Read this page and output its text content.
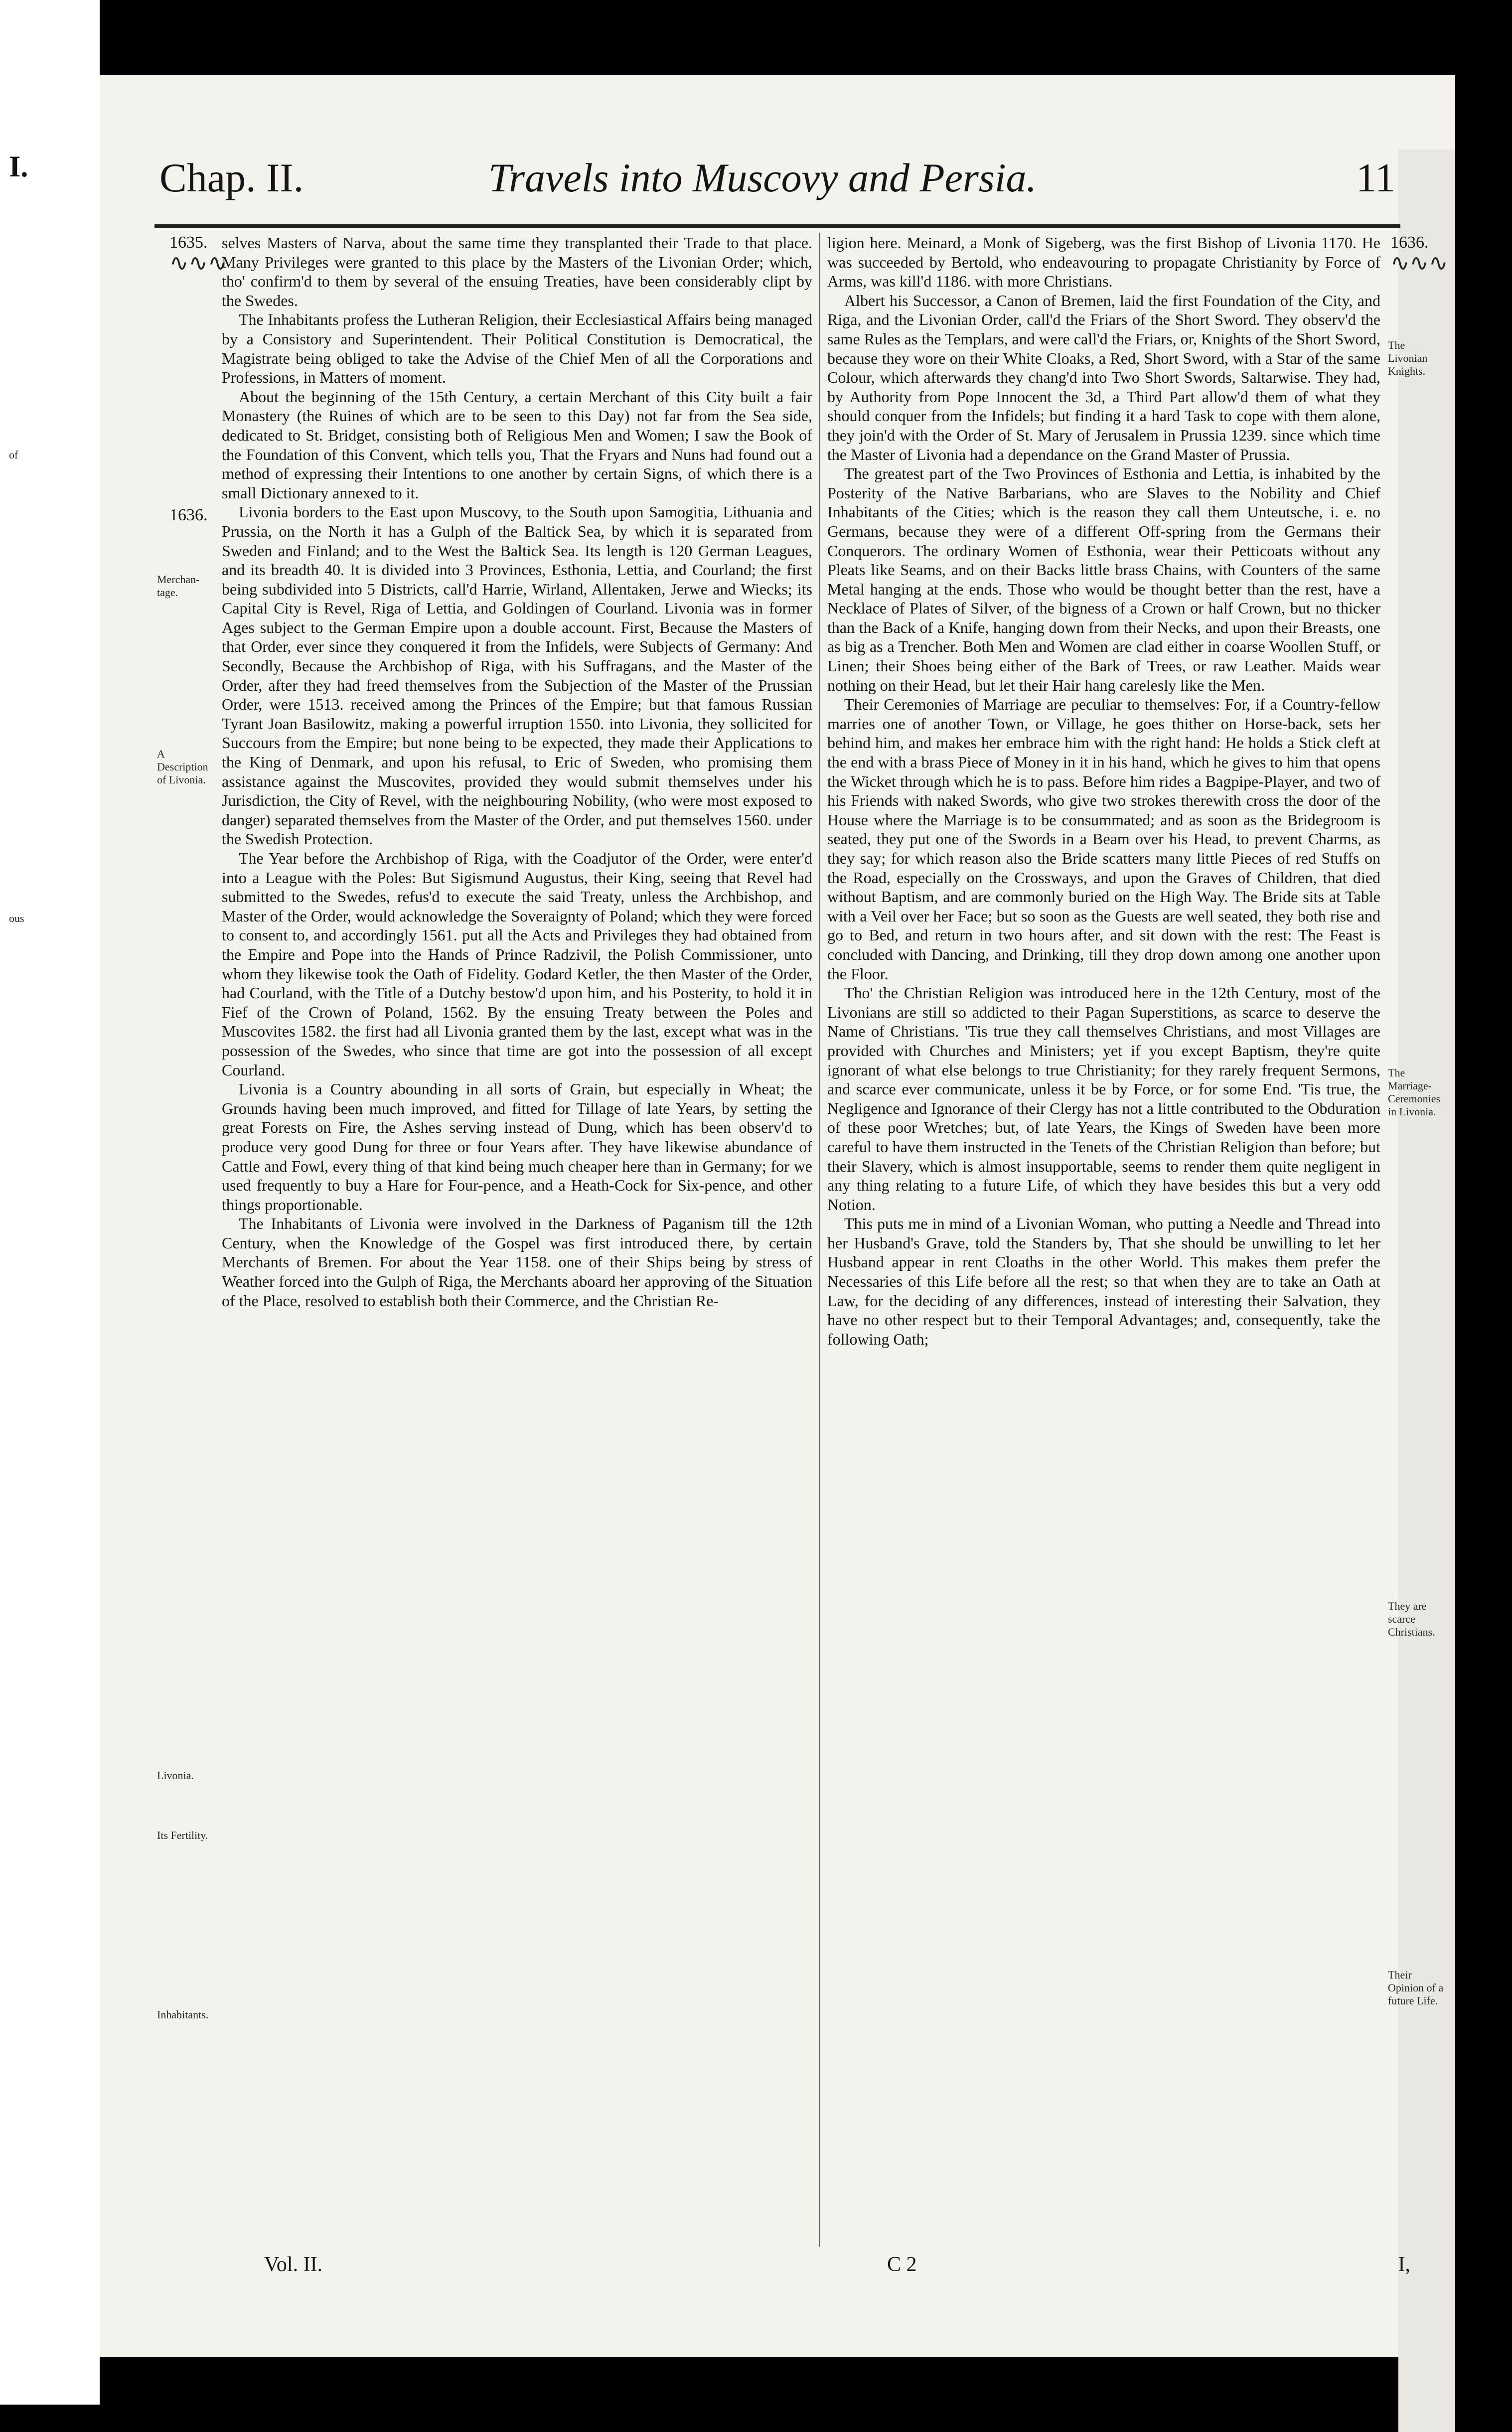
I.
of
ous
Chap. II.	Travels into Muscovy and Persia.	11
1635.
∿∿∿
1636.
1636.
∿∿∿
Merchan- tage.
A Description of Livonia.
Livonia.
Its Fertility.
Inhabitants.
The Livonian Knights.
The Marriage-Ceremonies in Livonia.
They are scarce Christians.
Their Opinion of a future Life.

selves Masters of Narva, about the same time they transplanted their Trade to that place. Many Privileges were granted to this place by the Masters of the Livonian Order; which, tho' confirm'd to them by several of the ensuing Treaties, have been considerably clipt by the Swedes.

The Inhabitants profess the Lutheran Religion, their Ecclesiastical Affairs being managed by a Consistory and Superintendent. Their Political Constitution is Democratical, the Magistrate being obliged to take the Advise of the Chief Men of all the Corporations and Professions, in Matters of moment.

About the beginning of the 15th Century, a certain Merchant of this City built a fair Monastery (the Ruines of which are to be seen to this Day) not far from the Sea side, dedicated to St. Bridget, consisting both of Religious Men and Women; I saw the Book of the Foundation of this Convent, which tells you, That the Fryars and Nuns had found out a method of expressing their Intentions to one another by certain Signs, of which there is a small Dictionary annexed to it.

Livonia borders to the East upon Muscovy, to the South upon Samogitia, Lithuania and Prussia, on the North it has a Gulph of the Baltick Sea, by which it is separated from Sweden and Finland; and to the West the Baltick Sea. Its length is 120 German Leagues, and its breadth 40. It is divided into 3 Provinces, Esthonia, Lettia, and Courland; the first being subdivided into 5 Districts, call'd Harrie, Wirland, Allentaken, Jerwe and Wiecks; its Capital City is Revel, Riga of Lettia, and Goldingen of Courland. Livonia was in former Ages subject to the German Empire upon a double account. First, Because the Masters of that Order, ever since they conquered it from the Infidels, were Subjects of Germany: And Secondly, Because the Archbishop of Riga, with his Suffragans, and the Master of the Order, after they had freed themselves from the Subjection of the Master of the Prussian Order, were 1513. received among the Princes of the Empire; but that famous Russian Tyrant Joan Basilowitz, making a powerful irruption 1550. into Livonia, they sollicited for Succours from the Empire; but none being to be expected, they made their Applications to the King of Denmark, and upon his refusal, to Eric of Sweden, who promising them assistance against the Muscovites, provided they would submit themselves under his Jurisdiction, the City of Revel, with the neighbouring Nobility, (who were most exposed to danger) separated themselves from the Master of the Order, and put themselves 1560. under the Swedish Protection.

The Year before the Archbishop of Riga, with the Coadjutor of the Order, were enter'd into a League with the Poles: But Sigismund Augustus, their King, seeing that Revel had submitted to the Swedes, refus'd to execute the said Treaty, unless the Archbishop, and Master of the Order, would acknowledge the Soveraignty of Poland; which they were forced to consent to, and accordingly 1561. put all the Acts and Privileges they had obtained from the Empire and Pope into the Hands of Prince Radzivil, the Polish Commissioner, unto whom they likewise took the Oath of Fidelity. Godard Ketler, the then Master of the Order, had Courland, with the Title of a Dutchy bestow'd upon him, and his Posterity, to hold it in Fief of the Crown of Poland, 1562. By the ensuing Treaty between the Poles and Muscovites 1582. the first had all Livonia granted them by the last, except what was in the possession of the Swedes, who since that time are got into the possession of all except Courland.

Livonia is a Country abounding in all sorts of Grain, but especially in Wheat; the Grounds having been much improved, and fitted for Tillage of late Years, by setting the great Forests on Fire, the Ashes serving instead of Dung, which has been observ'd to produce very good Dung for three or four Years after. They have likewise abundance of Cattle and Fowl, every thing of that kind being much cheaper here than in Germany; for we used frequently to buy a Hare for Four-pence, and a Heath-Cock for Six-pence, and other things proportionable.

The Inhabitants of Livonia were involved in the Darkness of Paganism till the 12th Century, when the Knowledge of the Gospel was first introduced there, by certain Merchants of Bremen. For about the Year 1158. one of their Ships being by stress of Weather forced into the Gulph of Riga, the Merchants aboard her approving of the Situation of the Place, resolved to establish both their Commerce, and the Christian Re-

ligion here. Meinard, a Monk of Sigeberg, was the first Bishop of Livonia 1170. He was succeeded by Bertold, who endeavouring to propagate Christianity by Force of Arms, was kill'd 1186. with more Christians.

Albert his Successor, a Canon of Bremen, laid the first Foundation of the City, and Riga, and the Livonian Order, call'd the Friars of the Short Sword. They observ'd the same Rules as the Templars, and were call'd the Friars, or, Knights of the Short Sword, because they wore on their White Cloaks, a Red, Short Sword, with a Star of the same Colour, which afterwards they chang'd into Two Short Swords, Saltarwise. They had, by Authority from Pope Innocent the 3d, a Third Part allow'd them of what they should conquer from the Infidels; but finding it a hard Task to cope with them alone, they join'd with the Order of St. Mary of Jerusalem in Prussia 1239. since which time the Master of Livonia had a dependance on the Grand Master of Prussia.

The greatest part of the Two Provinces of Esthonia and Lettia, is inhabited by the Posterity of the Native Barbarians, who are Slaves to the Nobility and Chief Inhabitants of the Cities; which is the reason they call them Unteutsche, i. e. no Germans, because they were of a different Off-spring from the Germans their Conquerors. The ordinary Women of Esthonia, wear their Petticoats without any Pleats like Seams, and on their Backs little brass Chains, with Counters of the same Metal hanging at the ends. Those who would be thought better than the rest, have a Necklace of Plates of Silver, of the bigness of a Crown or half Crown, but no thicker than the Back of a Knife, hanging down from their Necks, and upon their Breasts, one as big as a Trencher. Both Men and Women are clad either in coarse Woollen Stuff, or Linen; their Shoes being either of the Bark of Trees, or raw Leather. Maids wear nothing on their Head, but let their Hair hang carelesly like the Men.

Their Ceremonies of Marriage are peculiar to themselves: For, if a Country-fellow marries one of another Town, or Village, he goes thither on Horse-back, sets her behind him, and makes her embrace him with the right hand: He holds a Stick cleft at the end with a brass Piece of Money in it in his hand, which he gives to him that opens the Wicket through which he is to pass. Before him rides a Bagpipe-Player, and two of his Friends with naked Swords, who give two strokes therewith cross the door of the House where the Marriage is to be consummated; and as soon as the Bridegroom is seated, they put one of the Swords in a Beam over his Head, to prevent Charms, as they say; for which reason also the Bride scatters many little Pieces of red Stuffs on the Road, especially on the Crossways, and upon the Graves of Children, that died without Baptism, and are commonly buried on the High Way. The Bride sits at Table with a Veil over her Face; but so soon as the Guests are well seated, they both rise and go to Bed, and return in two hours after, and sit down with the rest: The Feast is concluded with Dancing, and Drinking, till they drop down among one another upon the Floor.

Tho' the Christian Religion was introduced here in the 12th Century, most of the Livonians are still so addicted to their Pagan Superstitions, as scarce to deserve the Name of Christians. 'Tis true they call themselves Christians, and most Villages are provided with Churches and Ministers; yet if you except Baptism, they're quite ignorant of what else belongs to true Christianity; for they rarely frequent Sermons, and scarce ever communicate, unless it be by Force, or for some End. 'Tis true, the Negligence and Ignorance of their Clergy has not a little contributed to the Obduration of these poor Wretches; but, of late Years, the Kings of Sweden have been more careful to have them instructed in the Tenets of the Christian Religion than before; but their Slavery, which is almost insupportable, seems to render them quite negligent in any thing relating to a future Life, of which they have besides this but a very odd Notion.

This puts me in mind of a Livonian Woman, who putting a Needle and Thread into her Husband's Grave, told the Standers by, That she should be unwilling to let her Husband appear in rent Cloaths in the other World. This makes them prefer the Necessaries of this Life before all the rest; so that when they are to take an Oath at Law, for the deciding of any differences, instead of interesting their Salvation, they have no other respect but to their Temporal Advantages; and, consequently, take the following Oath;

Vol. II.	C 2	I,
